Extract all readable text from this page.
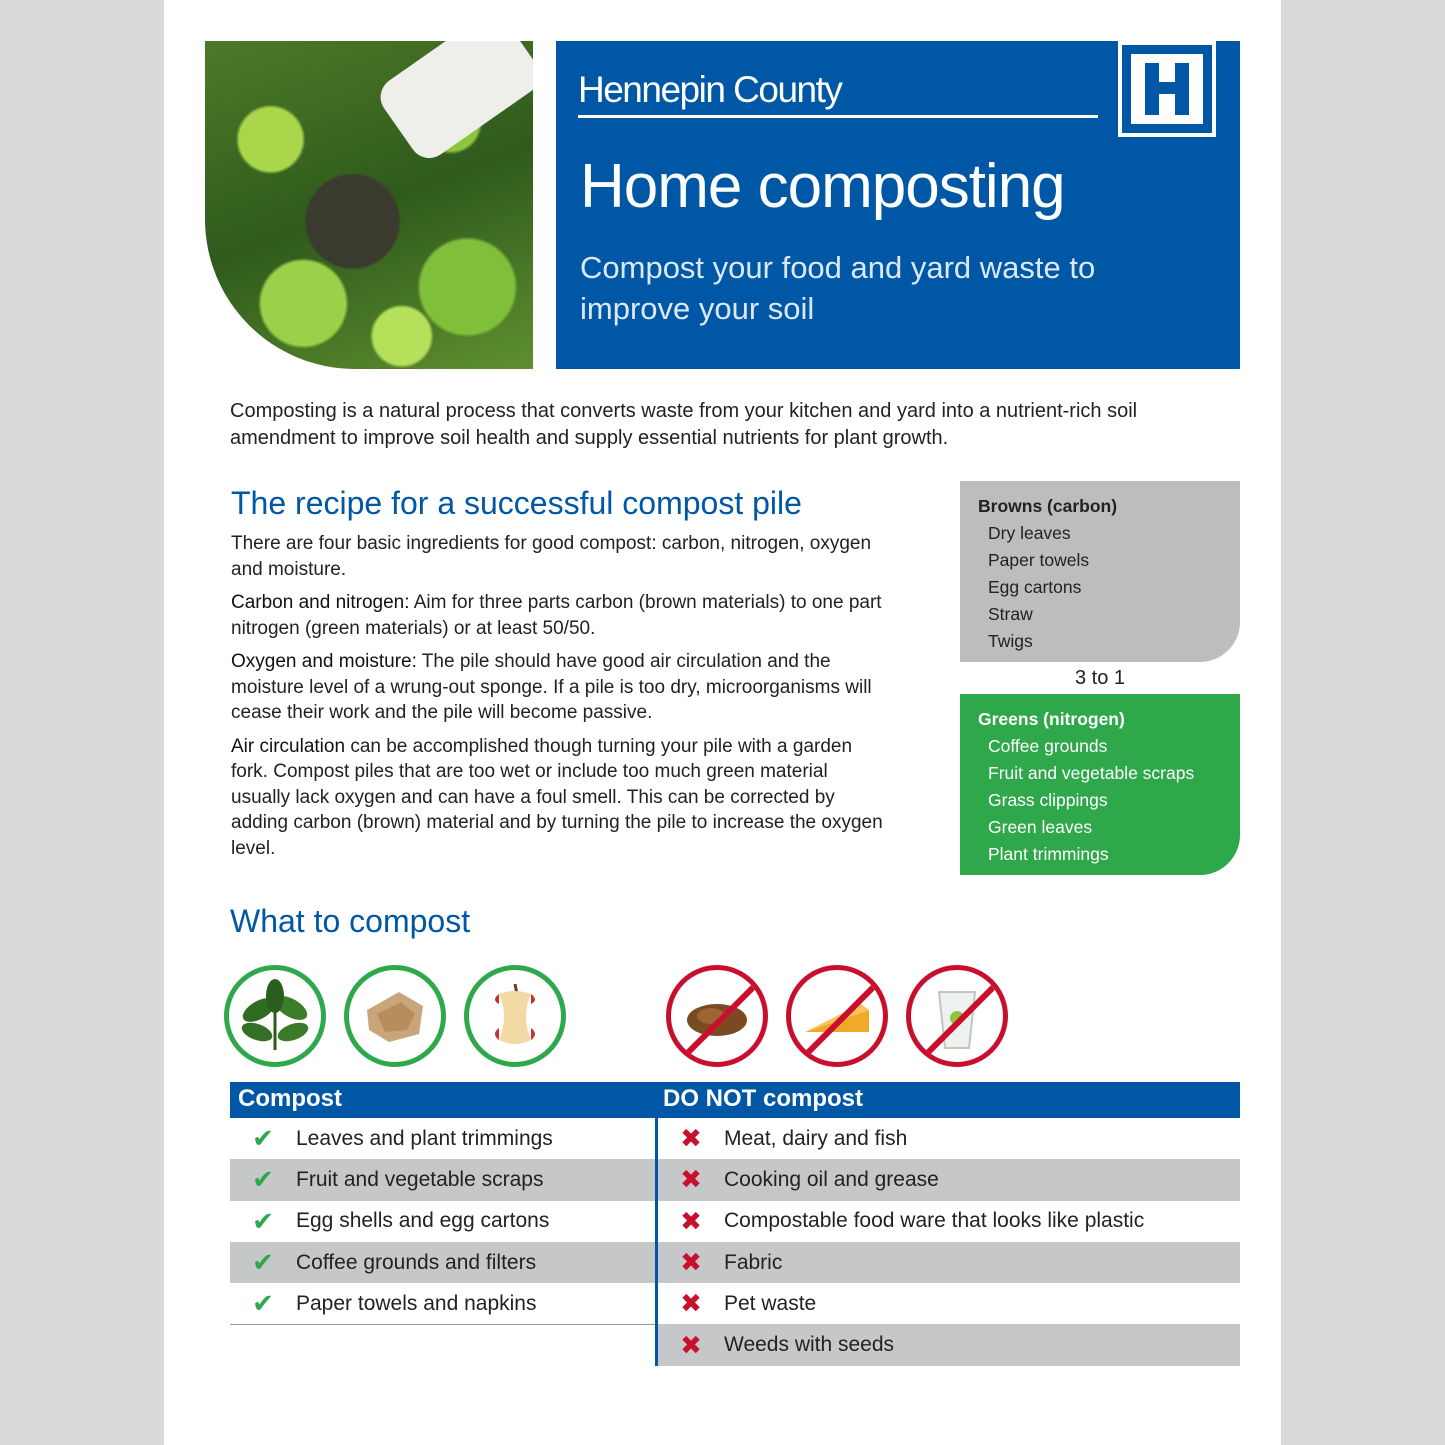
Hennepin County
Home composting
Compost your food and yard waste to improve your soil
Composting is a natural process that converts waste from your kitchen and yard into a nutrient-rich soil amendment to improve soil health and supply essential nutrients for plant growth.
The recipe for a successful compost pile

There are four basic ingredients for good compost: carbon, nitrogen, oxygen and moisture.

Carbon and nitrogen: Aim for three parts carbon (brown materials) to one part nitrogen (green materials) or at least 50/50.

Oxygen and moisture: The pile should have good air circulation and the moisture level of a wrung-out sponge. If a pile is too dry, microorganisms will cease their work and the pile will become passive.

Air circulation can be accomplished though turning your pile with a garden fork. Compost piles that are too wet or include too much green material usually lack oxygen and can have a foul smell. This can be corrected by adding carbon (brown) material and by turning the pile to increase the oxygen level.

Browns (carbon)
Dry leaves
Paper towels
Egg cartons
Straw
Twigs
3 to 1
Greens (nitrogen)
Coffee grounds
Fruit and vegetable scraps
Grass clippings
Green leaves
Plant trimmings
What to compost
Compost
✔	Leaves and plant trimmings
✔	Fruit and vegetable scraps
✔	Egg shells and egg cartons
✔	Coffee grounds and filters
✔	Paper towels and napkins
DO NOT compost
✖	Meat, dairy and fish
✖	Cooking oil and grease
✖	Compostable food ware that looks like plastic
✖	Fabric
✖	Pet waste
✖	Weeds with seeds
